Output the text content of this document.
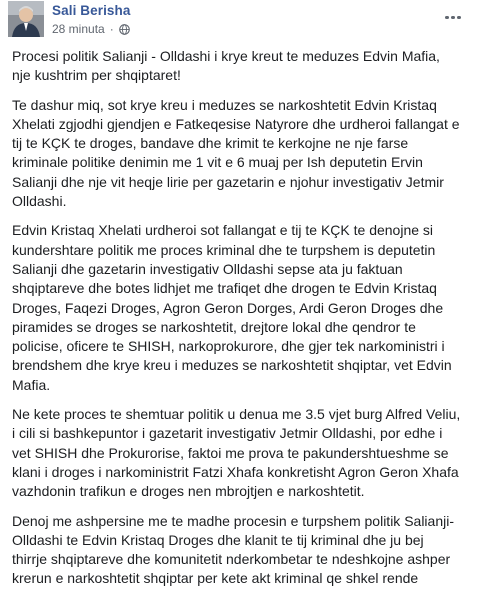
Sali Berisha
28 minuta ·

Procesi politik Salianji - Olldashi i krye kreut te meduzes Edvin Mafia,
nje kushtrim per shqiptaret!

Te dashur miq, sot krye kreu i meduzes se narkoshtetit Edvin Kristaq
Xhelati zgjodhi gjendjen e Fatkeqesise Natyrore dhe urdheroi fallangat e
tij te KÇK te droges, bandave dhe krimit te kerkojne ne nje farse
kriminale politike denimin me 1 vit e 6 muaj per Ish deputetin Ervin
Salianji dhe nje vit heqje lirie per gazetarin e njohur investigativ Jetmir
Olldashi.

Edvin Kristaq Xhelati urdheroi sot fallangat e tij te KÇK te denojne si
kundershtare politik me proces kriminal dhe te turpshem is deputetin
Salianji dhe gazetarin investigativ Olldashi sepse ata ju faktuan
shqiptareve dhe botes lidhjet me trafiqet dhe drogen te Edvin Kristaq
Droges, Faqezi Droges, Agron Geron Dorges, Ardi Geron Droges dhe
piramides se droges se narkoshtetit, drejtore lokal dhe qendror te
policise, oficere te SHISH, narkoprokurore, dhe gjer tek narkoministri i
brendshem dhe krye kreu i meduzes se narkoshtetit shqiptar, vet Edvin
Mafia.

Ne kete proces te shemtuar politik u denua me 3.5 vjet burg Alfred Veliu,
i cili si bashkepuntor i gazetarit investigativ Jetmir Olldashi, por edhe i
vet SHISH dhe Prokurorise, faktoi me prova te pakundershtueshme se
klani i droges i narkoministrit Fatzi Xhafa konkretisht Agron Geron Xhafa
vazhdonin trafikun e droges nen mbrojtjen e narkoshtetit.

Denoj me ashpersine me te madhe procesin e turpshem politik Salianji-
Olldashi te Edvin Kristaq Droges dhe klanit te tij kriminal dhe ju bej
thirrje shqiptareve dhe komunitetit nderkombetar te ndeshkojne ashper
krerun e narkoshtetit shqiptar per kete akt kriminal qe shkel rende
